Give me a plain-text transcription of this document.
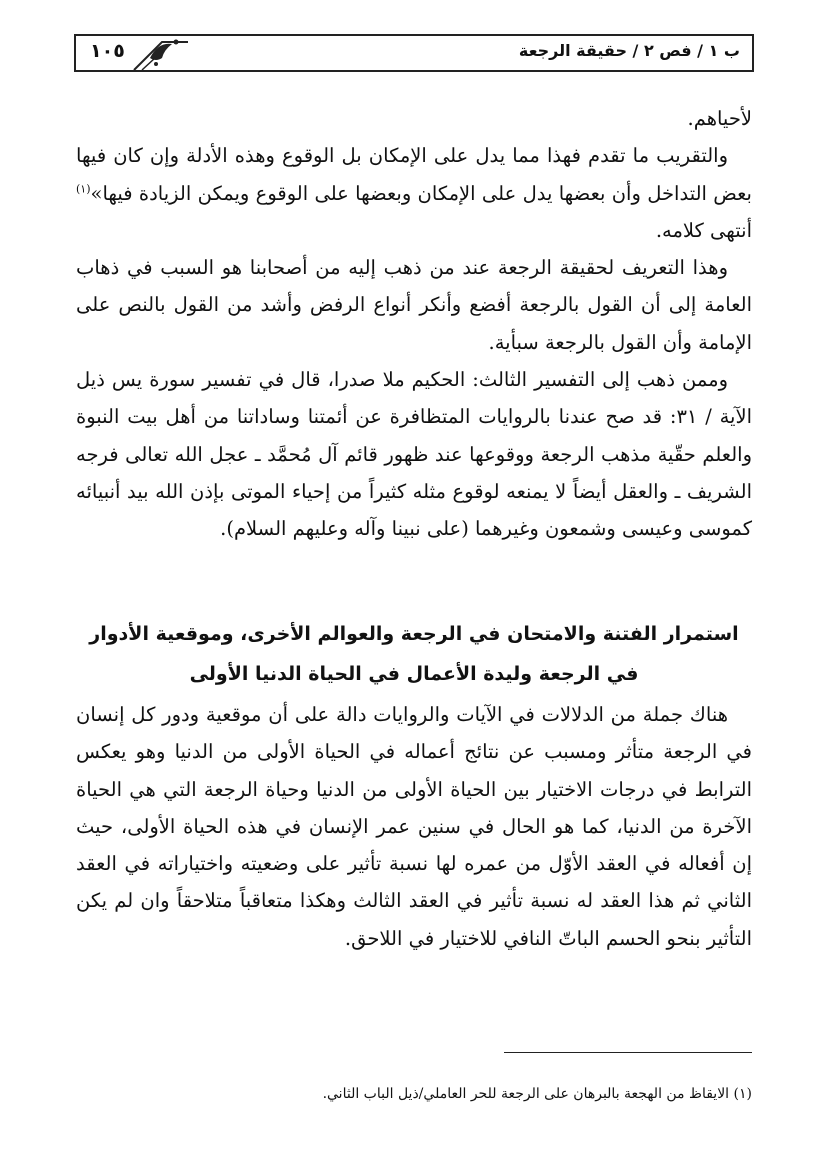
ب ١ / فص ٢ / حقيقة الرجعة
١٠٥

لأحياهم.

والتقريب ما تقدم فهذا مما يدل على الإمكان بل الوقوع وهذه الأدلة وإن كان فيها بعض التداخل وأن بعضها يدل على الإمكان وبعضها على الوقوع ويمكن الزيادة فيها»$^{(١)}$ أنتهى كلامه.

وهذا التعريف لحقيقة الرجعة عند من ذهب إليه من أصحابنا هو السبب في ذهاب العامة إلى أن القول بالرجعة أفضع وأنكر أنواع الرفض وأشد من القول بالنص على الإمامة وأن القول بالرجعة سبأية.

وممن ذهب إلى التفسير الثالث: الحكيم ملا صدرا، قال في تفسير سورة يس ذيل الآية / ٣١: قد صح عندنا بالروايات المتظافرة عن أئمتنا وساداتنا من أهل بيت النبوة والعلم حقّية مذهب الرجعة ووقوعها عند ظهور قائم آل مُحمَّد ـ عجل الله تعالى فرجه الشريف ـ والعقل أيضاً لا يمنعه لوقوع مثله كثيراً من إحياء الموتى بإذن الله بيد أنبيائه كموسى وعيسى وشمعون وغيرهما (على نبينا وآله وعليهم السلام).

استمرار الفتنة والامتحان في الرجعة والعوالم الأخرى، وموقعية الأدوار
في الرجعة وليدة الأعمال في الحياة الدنيا الأولى

هناك جملة من الدلالات في الآيات والروايات دالة على أن موقعية ودور كل إنسان في الرجعة متأثر ومسبب عن نتائج أعماله في الحياة الأولى من الدنيا وهو يعكس الترابط في درجات الاختيار بين الحياة الأولى من الدنيا وحياة الرجعة التي هي الحياة الآخرة من الدنيا، كما هو الحال في سنين عمر الإنسان في هذه الحياة الأولى، حيث إن أفعاله في العقد الأوّل من عمره لها نسبة تأثير على وضعيته واختياراته في العقد الثاني ثم هذا العقد له نسبة تأثير في العقد الثالث وهكذا متعاقباً متلاحقاً وان لم يكن التأثير بنحو الحسم الباتّ النافي للاختيار في اللاحق.

(١) الايقاظ من الهجعة بالبرهان على الرجعة للحر العاملي/ذيل الباب الثاني.
